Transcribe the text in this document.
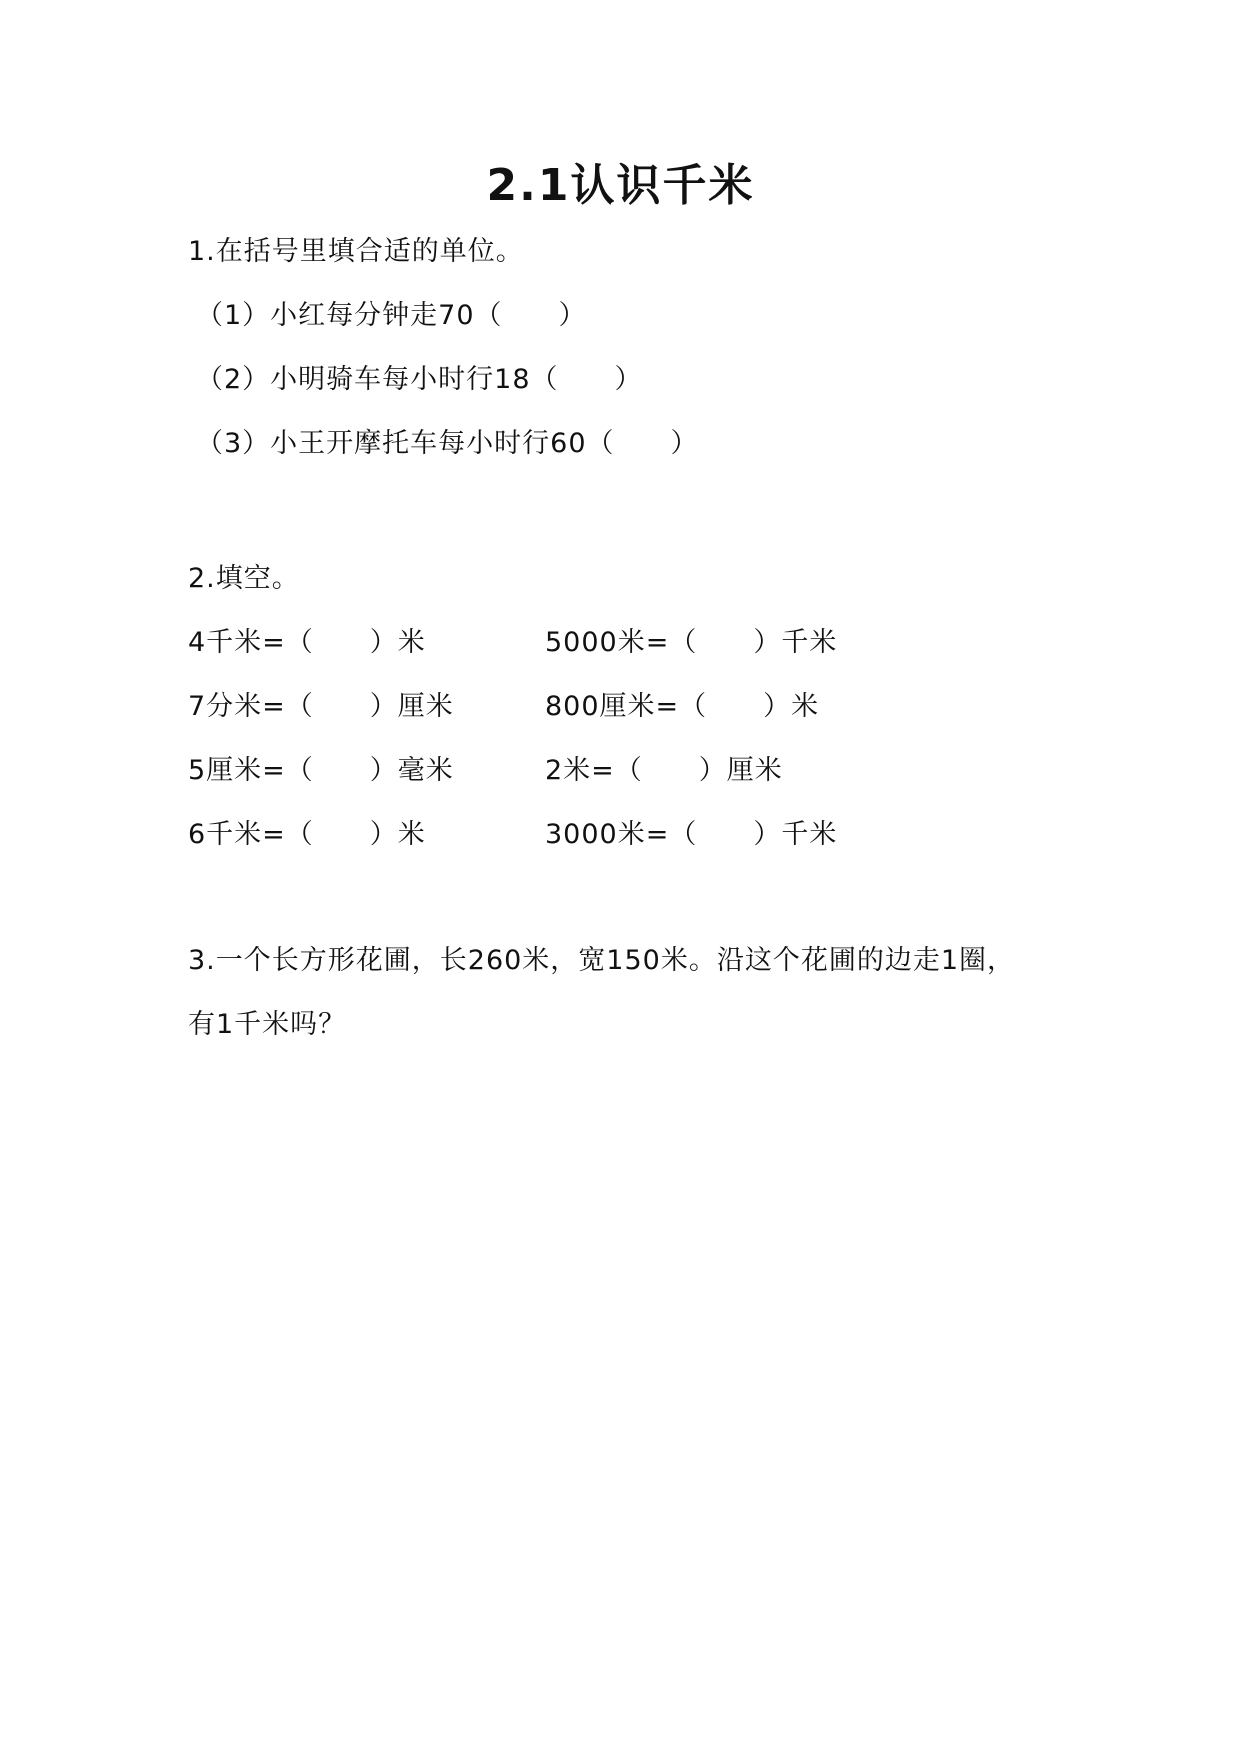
2.1认识千米
1.在括号里填合适的单位。
（1）小红每分钟走70（　　）
（2）小明骑车每小时行18（　　）
（3）小王开摩托车每小时行60（　　）
2.填空。
4千米=（　　）米	5000米=（　　）千米
7分米=（　　）厘米	800厘米=（　　）米
5厘米=（　　）毫米	2米=（　　）厘米
6千米=（　　）米	3000米=（　　）千米
3.一个长方形花圃，长260米，宽150米。沿这个花圃的边走1圈，
有1千米吗？
